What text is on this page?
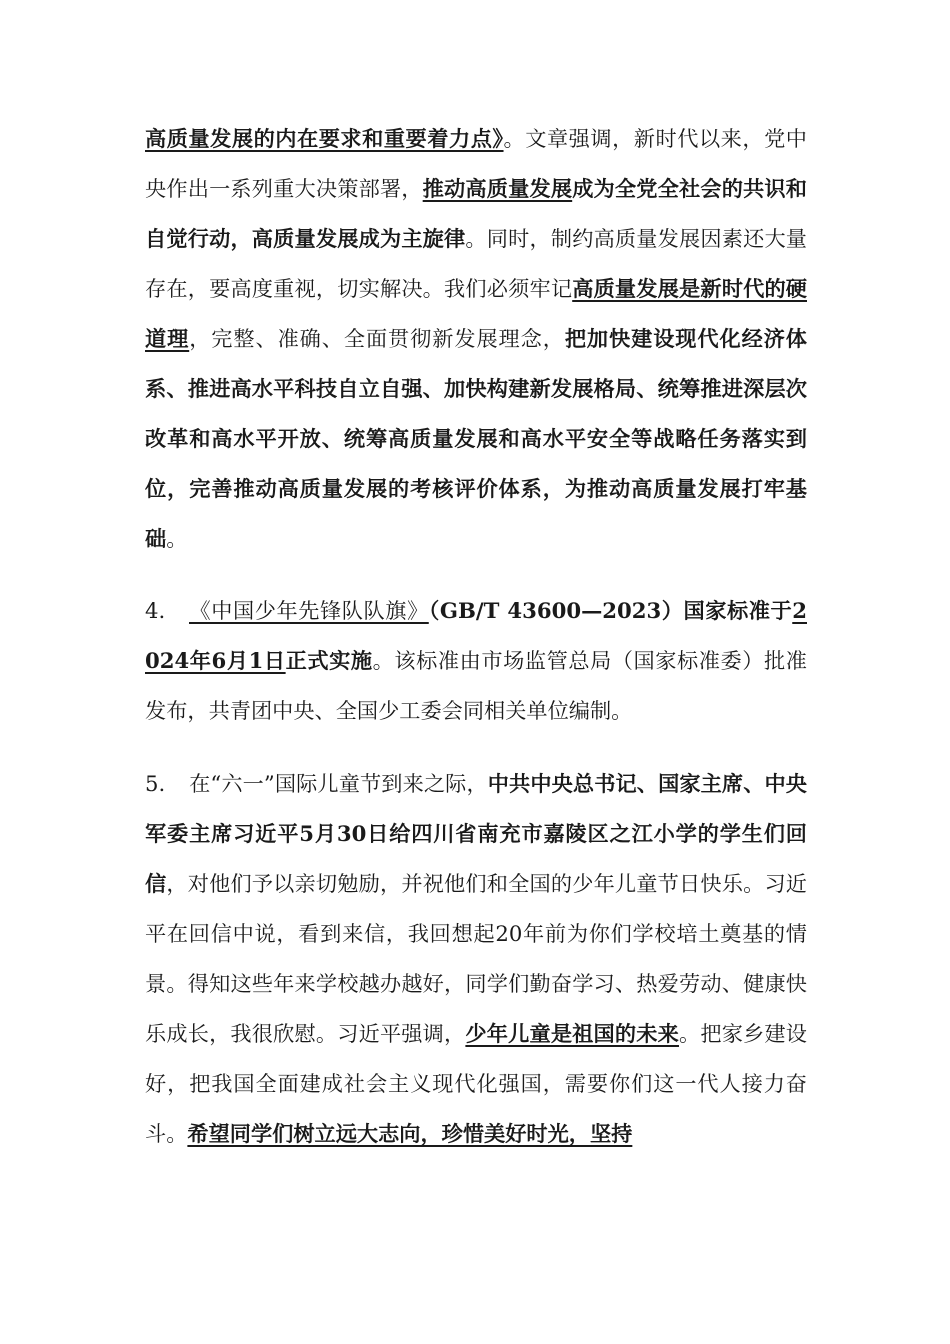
高质量发展的内在要求和重要着力点》。文章强调，新时代以来，党中央作出一系列重大决策部署，推动高质量发展成为全党全社会的共识和自觉行动，高质量发展成为主旋律。同时，制约高质量发展因素还大量存在，要高度重视，切实解决。我们必须牢记高质量发展是新时代的硬道理，完整、准确、全面贯彻新发展理念，把加快建设现代化经济体系、推进高水平科技自立自强、加快构建新发展格局、统筹推进深层次改革和高水平开放、统筹高质量发展和高水平安全等战略任务落实到位，完善推动高质量发展的考核评价体系，为推动高质量发展打牢基础。

4. 《中国少年先锋队队旗》（GB/T 43600—2023）国家标准于2024年6月1日正式实施。该标准由市场监管总局（国家标准委）批准发布，共青团中央、全国少工委会同相关单位编制。

5. 在“六一”国际儿童节到来之际，中共中央总书记、国家主席、中央军委主席习近平5月30日给四川省南充市嘉陵区之江小学的学生们回信，对他们予以亲切勉励，并祝他们和全国的少年儿童节日快乐。习近平在回信中说，看到来信，我回想起20年前为你们学校培土奠基的情景。得知这些年来学校越办越好，同学们勤奋学习、热爱劳动、健康快乐成长，我很欣慰。习近平强调，少年儿童是祖国的未来。把家乡建设好，把我国全面建成社会主义现代化强国，需要你们这一代人接力奋斗。希望同学们树立远大志向，珍惜美好时光，坚持
